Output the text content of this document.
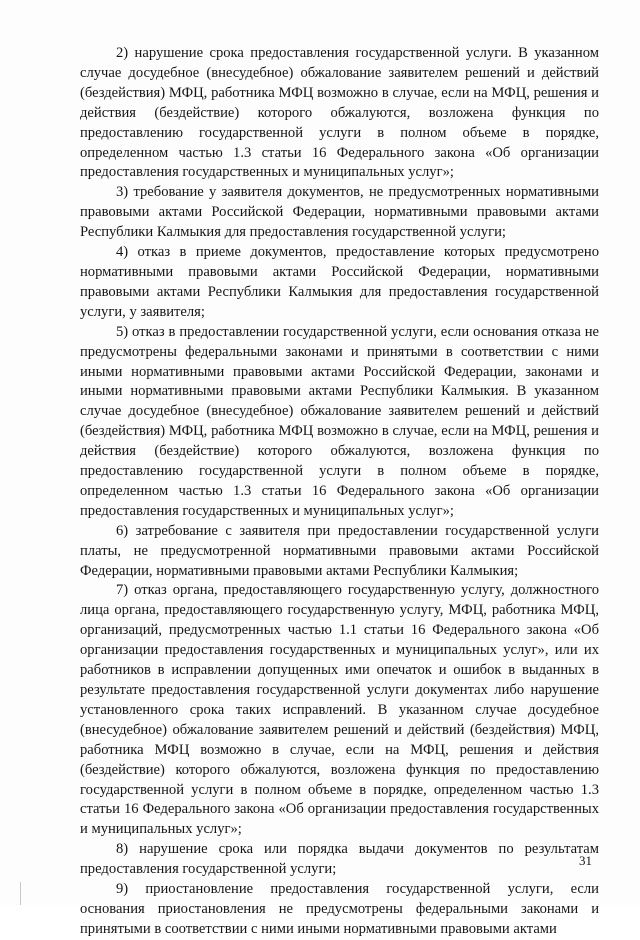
2) нарушение срока предоставления государственной услуги. В указанном случае досудебное (внесудебное) обжалование заявителем решений и действий (бездействия) МФЦ, работника МФЦ возможно в случае, если на МФЦ, решения и действия (бездействие) которого обжалуются, возложена функция по предоставлению государственной услуги в полном объеме в порядке, определенном частью 1.3 статьи 16 Федерального закона «Об организации предоставления государственных и муниципальных услуг»;

3) требование у заявителя документов, не предусмотренных нормативными правовыми актами Российской Федерации, нормативными правовыми актами Республики Калмыкия для предоставления государственной услуги;

4) отказ в приеме документов, предоставление которых предусмотрено нормативными правовыми актами Российской Федерации, нормативными правовыми актами Республики Калмыкия для предоставления государственной услуги, у заявителя;

5) отказ в предоставлении государственной услуги, если основания отказа не предусмотрены федеральными законами и принятыми в соответствии с ними иными нормативными правовыми актами Российской Федерации, законами и иными нормативными правовыми актами Республики Калмыкия. В указанном случае досудебное (внесудебное) обжалование заявителем решений и действий (бездействия) МФЦ, работника МФЦ возможно в случае, если на МФЦ, решения и действия (бездействие) которого обжалуются, возложена функция по предоставлению государственной услуги в полном объеме в порядке, определенном частью 1.3 статьи 16 Федерального закона «Об организации предоставления государственных и муниципальных услуг»;

6) затребование с заявителя при предоставлении государственной услуги платы, не предусмотренной нормативными правовыми актами Российской Федерации, нормативными правовыми актами Республики Калмыкия;

7) отказ органа, предоставляющего государственную услугу, должностного лица органа, предоставляющего государственную услугу, МФЦ, работника МФЦ, организаций, предусмотренных частью 1.1 статьи 16 Федерального закона «Об организации предоставления государственных и муниципальных услуг», или их работников в исправлении допущенных ими опечаток и ошибок в выданных в результате предоставления государственной услуги документах либо нарушение установленного срока таких исправлений. В указанном случае досудебное (внесудебное) обжалование заявителем решений и действий (бездействия) МФЦ, работника МФЦ возможно в случае, если на МФЦ, решения и действия (бездействие) которого обжалуются, возложена функция по предоставлению государственной услуги в полном объеме в порядке, определенном частью 1.3 статьи 16 Федерального закона «Об организации предоставления государственных и муниципальных услуг»;

8) нарушение срока или порядка выдачи документов по результатам предоставления государственной услуги;

9) приостановление предоставления государственной услуги, если основания приостановления не предусмотрены федеральными законами и принятыми в соответствии с ними иными нормативными правовыми актами

31
